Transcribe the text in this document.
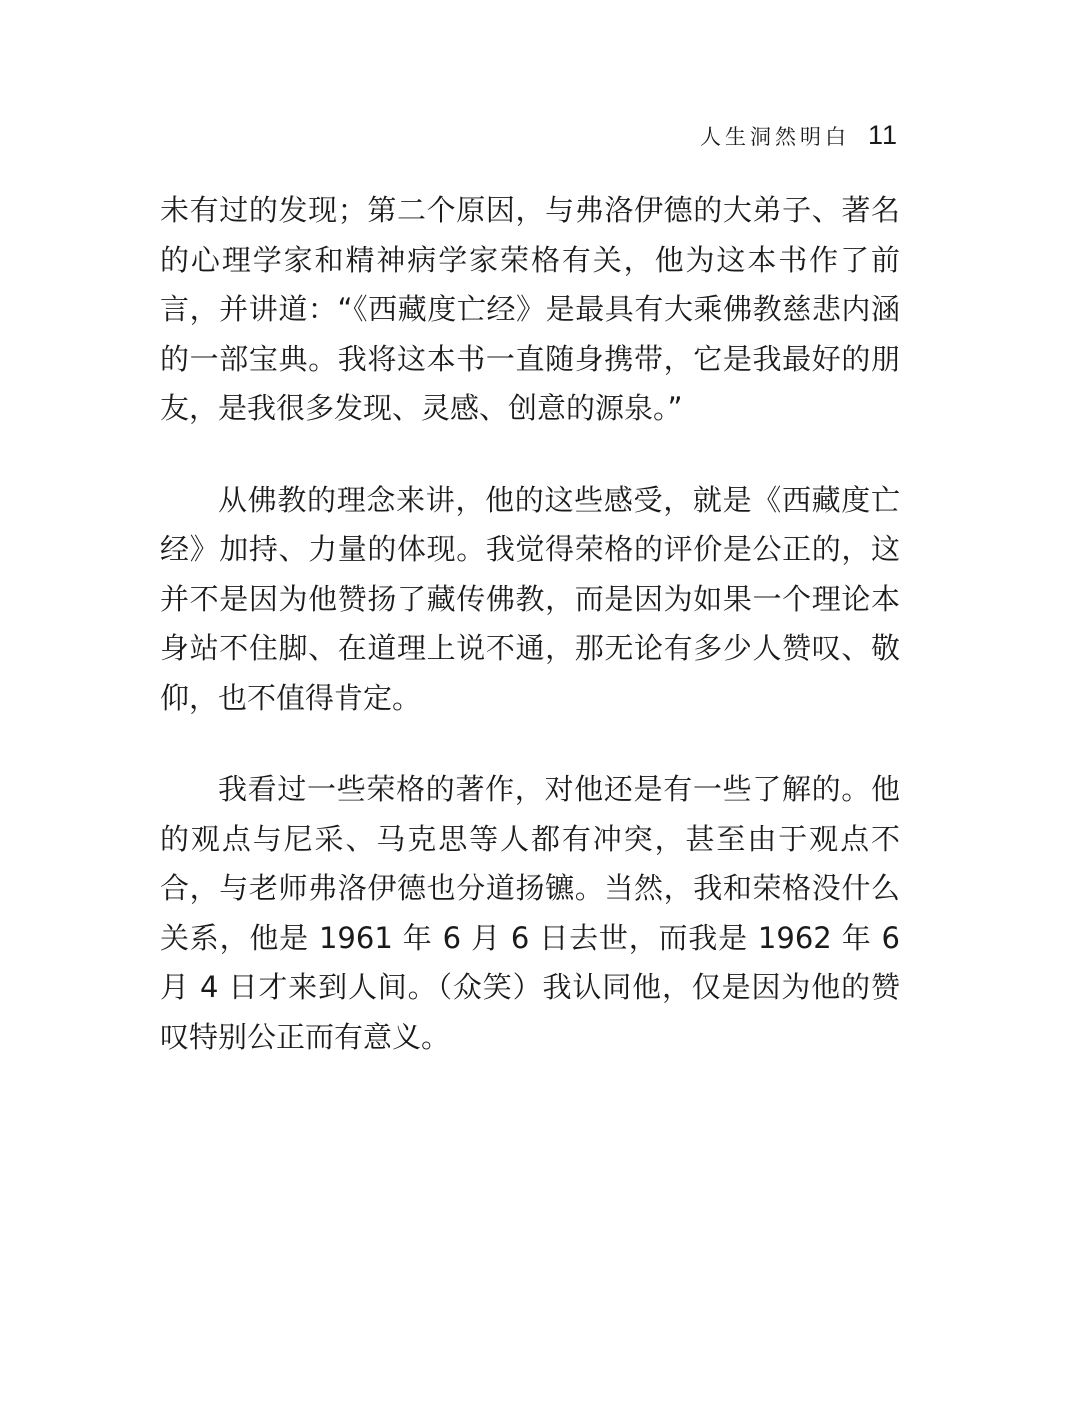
人生洞然明白 11

未有过的发现；第二个原因，与弗洛伊德的大弟子、著名的心理学家和精神病学家荣格有关，他为这本书作了前言，并讲道：“《西藏度亡经》是最具有大乘佛教慈悲内涵的一部宝典。我将这本书一直随身携带，它是我最好的朋友，是我很多发现、灵感、创意的源泉。”

从佛教的理念来讲，他的这些感受，就是《西藏度亡经》加持、力量的体现。我觉得荣格的评价是公正的，这并不是因为他赞扬了藏传佛教，而是因为如果一个理论本身站不住脚、在道理上说不通，那无论有多少人赞叹、敬仰，也不值得肯定。

我看过一些荣格的著作，对他还是有一些了解的。他的观点与尼采、马克思等人都有冲突，甚至由于观点不合，与老师弗洛伊德也分道扬镳。当然，我和荣格没什么关系，他是 1961 年 6 月 6 日去世，而我是 1962 年 6 月 4 日才来到人间。（众笑）我认同他，仅是因为他的赞叹特别公正而有意义。
